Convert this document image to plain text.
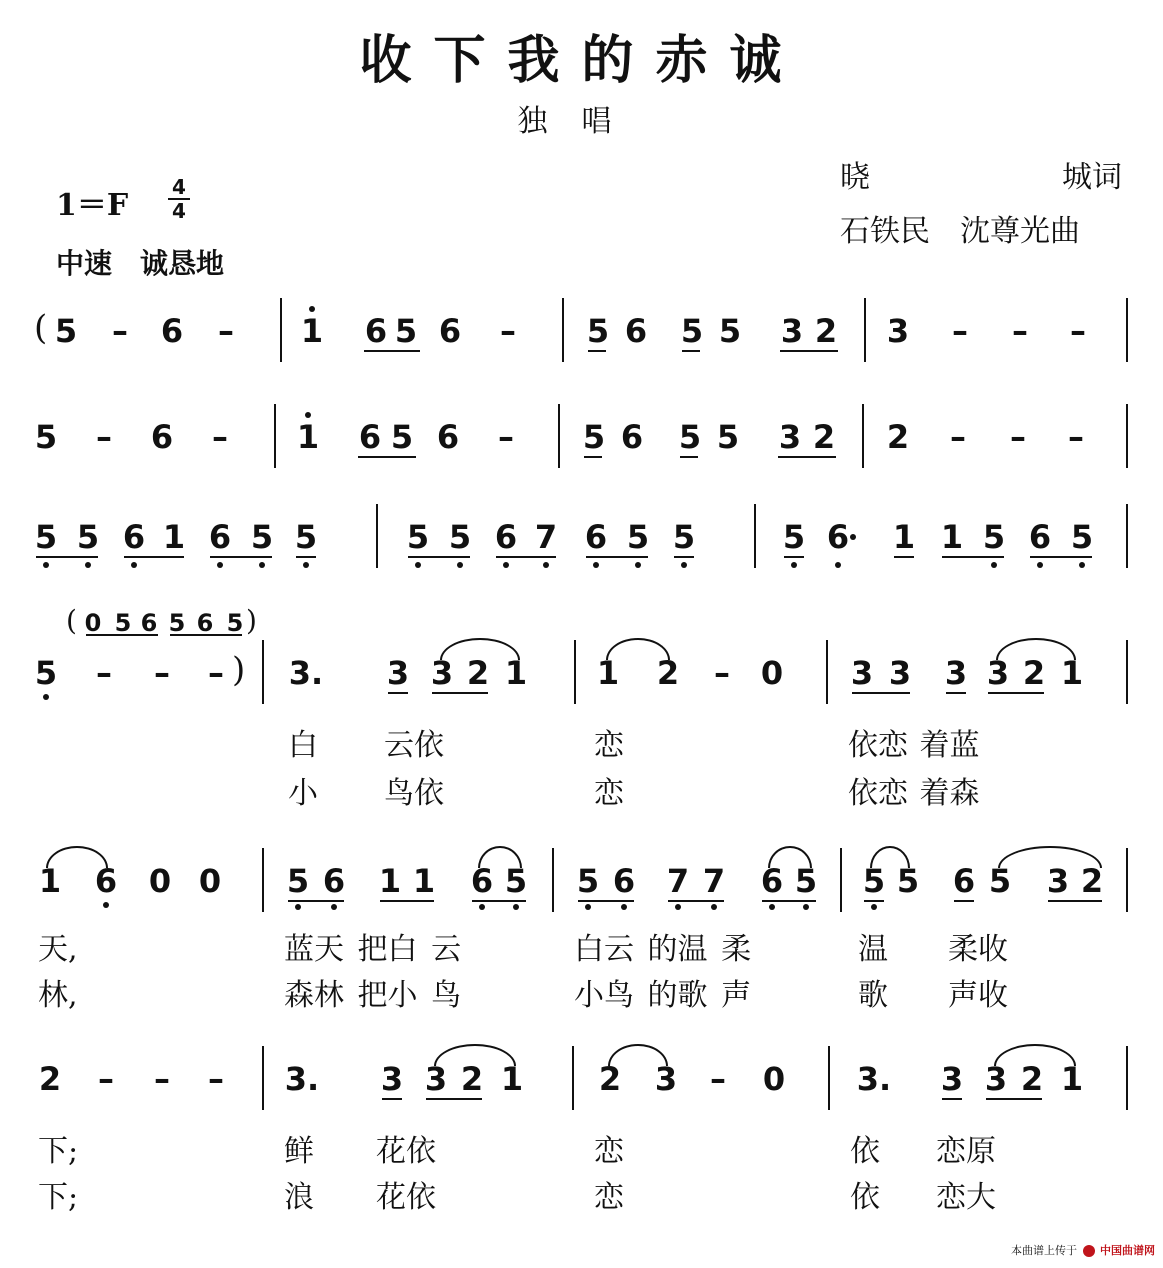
收下我的赤诚
独唱
晓	城词
石铁民　沈尊光曲
1＝F
4
4
中速　诚恳地
( 5 – 6 – 1 6 5 6 – 5 6 5 5 3 2 3 – – –
5 – 6 – 1 6 5 6 – 5 6 5 5 3 2 2 – – –
5 5 6 1 6 5 5	5 5 6 7 6 5 5	5 6 1 1 5 6 5
( 0 5 6 5 6 5 )
5 – – – ) 3. 3 3 2 1 1 2 – 0 3 3 3 3 2 1
白 云依	恋	依恋 着蓝
小 鸟依	恋	依恋 着森
1 6 0 0 5 6 1 1 6 5 5 6 7 7 6 5 5 5 6 5 3 2
天,	蓝天 把白 云	白云 的温 柔	温 柔收
林,	森林 把小 鸟	小鸟 的歌 声	歌 声收
2 – – – 3. 3 3 2 1 2 3 – 0 3. 3 3 2 1
下;	鲜 花依	恋	依 恋原
下;	浪 花依	恋	依 恋大
本曲谱上传于 中国曲谱网
